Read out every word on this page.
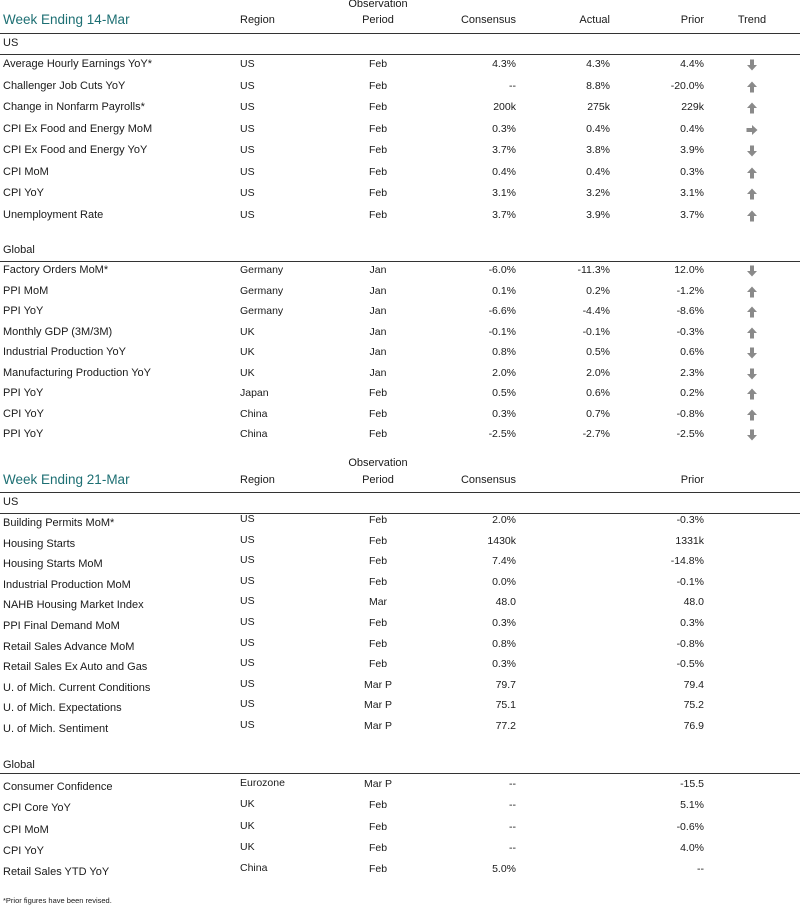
Observation
Week Ending 14-Mar	Region	Period	Consensus	Actual	Prior	Trend
US
Average Hourly Earnings YoY*	US	Feb	4.3%	4.3%	4.4%
Challenger Job Cuts YoY	US	Feb	--	8.8%	-20.0%
Change in Nonfarm Payrolls*	US	Feb	200k	275k	229k
CPI Ex Food and Energy MoM	US	Feb	0.3%	0.4%	0.4%
CPI Ex Food and Energy YoY	US	Feb	3.7%	3.8%	3.9%
CPI MoM	US	Feb	0.4%	0.4%	0.3%
CPI YoY	US	Feb	3.1%	3.2%	3.1%
Unemployment Rate	US	Feb	3.7%	3.9%	3.7%
Global
Factory Orders MoM*	Germany	Jan	-6.0%	-11.3%	12.0%
PPI MoM	Germany	Jan	0.1%	0.2%	-1.2%
PPI YoY	Germany	Jan	-6.6%	-4.4%	-8.6%
Monthly GDP (3M/3M)	UK	Jan	-0.1%	-0.1%	-0.3%
Industrial Production YoY	UK	Jan	0.8%	0.5%	0.6%
Manufacturing Production YoY	UK	Jan	2.0%	2.0%	2.3%
PPI YoY	Japan	Feb	0.5%	0.6%	0.2%
CPI YoY	China	Feb	0.3%	0.7%	-0.8%
PPI YoY	China	Feb	-2.5%	-2.7%	-2.5%
Observation
Week Ending 21-Mar	Region	Period	Consensus	Prior
US
Building Permits MoM*	US	Feb	2.0%	-0.3%
Housing Starts	US	Feb	1430k	1331k
Housing Starts MoM	US	Feb	7.4%	-14.8%
Industrial Production MoM	US	Feb	0.0%	-0.1%
NAHB Housing Market Index	US	Mar	48.0	48.0
PPI Final Demand MoM	US	Feb	0.3%	0.3%
Retail Sales Advance MoM	US	Feb	0.8%	-0.8%
Retail Sales Ex Auto and Gas	US	Feb	0.3%	-0.5%
U. of Mich. Current Conditions	US	Mar P	79.7	79.4
U. of Mich. Expectations	US	Mar P	75.1	75.2
U. of Mich. Sentiment	US	Mar P	77.2	76.9
Global
Consumer Confidence	Eurozone	Mar P	--	-15.5
CPI Core YoY	UK	Feb	--	5.1%
CPI MoM	UK	Feb	--	-0.6%
CPI YoY	UK	Feb	--	4.0%
Retail Sales YTD YoY	China	Feb	5.0%	--
*Prior figures have been revised.
